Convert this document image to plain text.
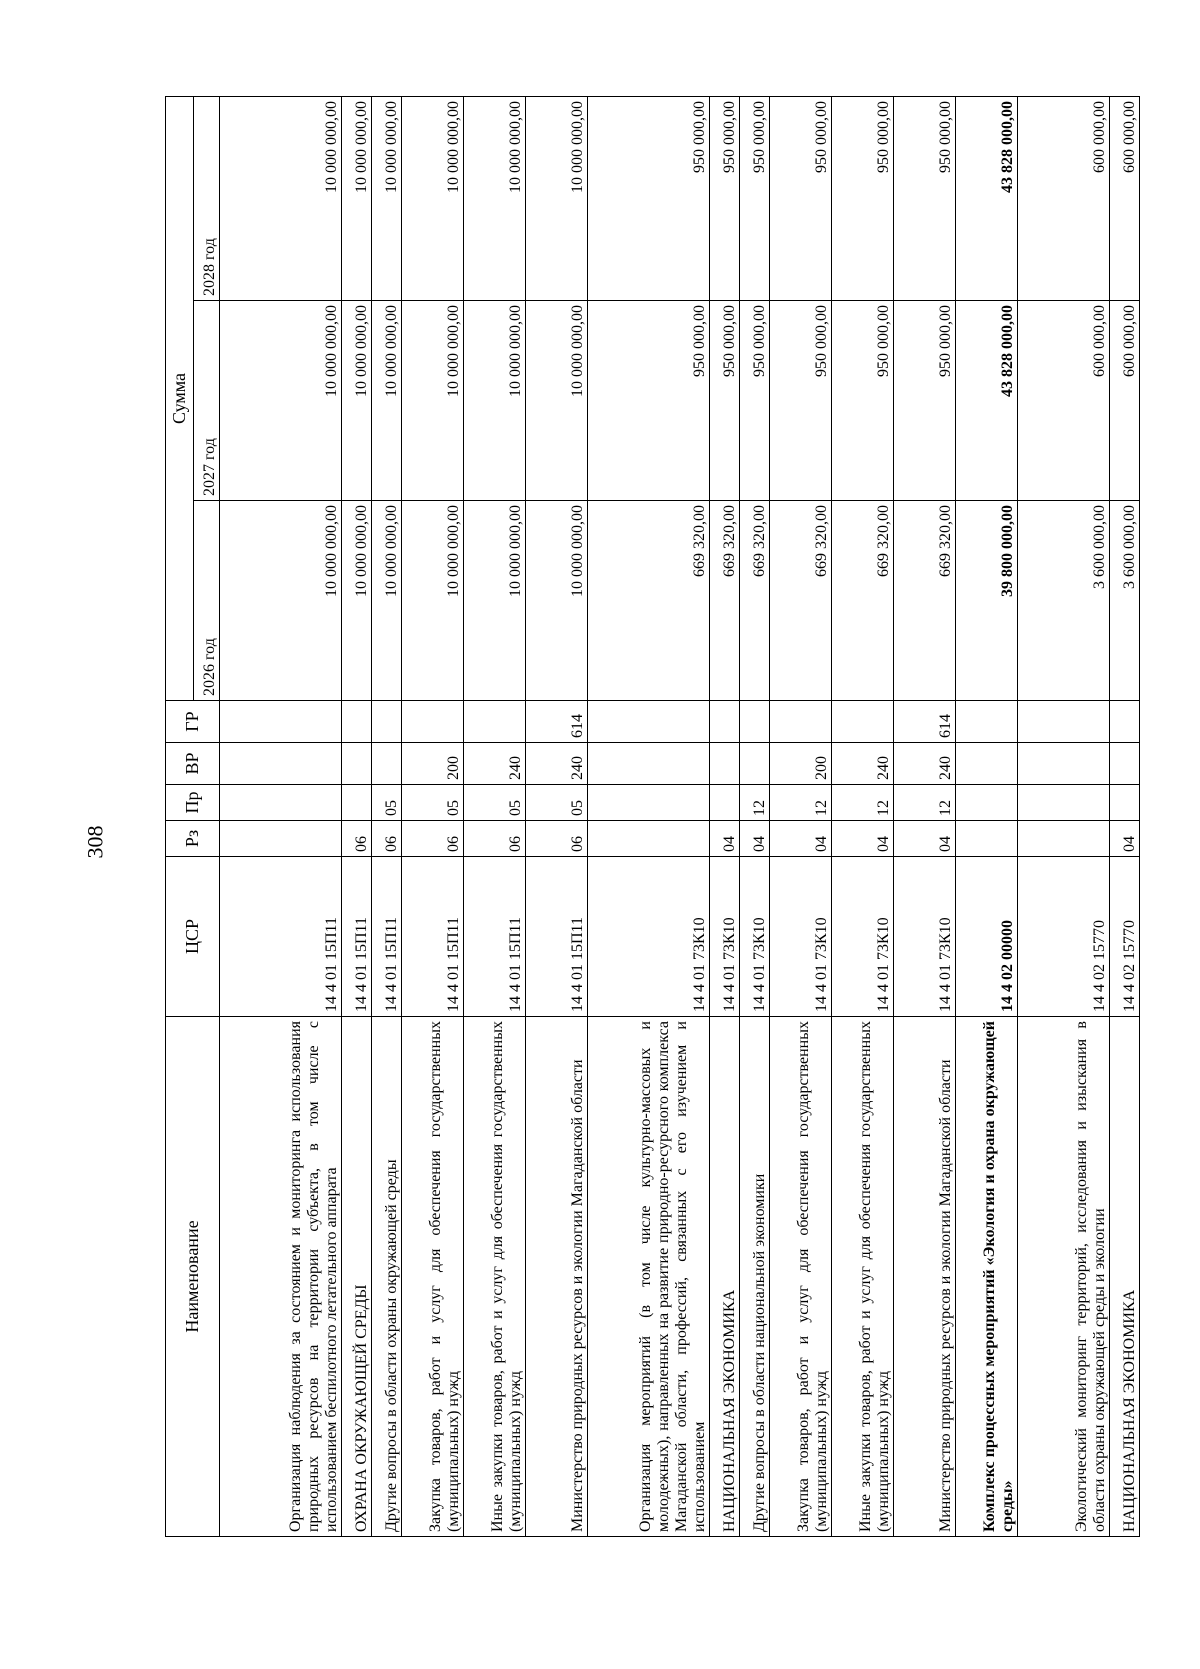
308
Наименование	ЦСР	Рз	Пр	ВР	ГР	Сумма		
						2026 год	2027 год	2028 год
Организация наблюдения за состоянием и мониторинга использования природных ресурсов на территории субъекта, в том числе с использованием беспилотного летательного аппарата	14 4 01 15П11					10 000 000,00	10 000 000,00	10 000 000,00
ОХРАНА ОКРУЖАЮЩЕЙ СРЕДЫ	14 4 01 15П11	06				10 000 000,00	10 000 000,00	10 000 000,00
Другие вопросы в области охраны окружающей среды	14 4 01 15П11	06	05			10 000 000,00	10 000 000,00	10 000 000,00
Закупка товаров, работ и услуг для обеспечения государственных (муниципальных) нужд	14 4 01 15П11	06	05	200		10 000 000,00	10 000 000,00	10 000 000,00
Иные закупки товаров, работ и услуг для обеспечения государственных (муниципальных) нужд	14 4 01 15П11	06	05	240		10 000 000,00	10 000 000,00	10 000 000,00
Министерство природных ресурсов и экологии Магаданской области	14 4 01 15П11	06	05	240	614	10 000 000,00	10 000 000,00	10 000 000,00
Организация мероприятий (в том числе культурно-массовых и молодежных), направленных на развитие природно-ресурсного комплекса Магаданской области, профессий, связанных с его изучением и использованием	14 4 01 73К10					669 320,00	950 000,00	950 000,00
НАЦИОНАЛЬНАЯ ЭКОНОМИКА	14 4 01 73К10	04				669 320,00	950 000,00	950 000,00
Другие вопросы в области национальной экономики	14 4 01 73К10	04	12			669 320,00	950 000,00	950 000,00
Закупка товаров, работ и услуг для обеспечения государственных (муниципальных) нужд	14 4 01 73К10	04	12	200		669 320,00	950 000,00	950 000,00
Иные закупки товаров, работ и услуг для обеспечения государственных (муниципальных) нужд	14 4 01 73К10	04	12	240		669 320,00	950 000,00	950 000,00
Министерство природных ресурсов и экологии Магаданской области	14 4 01 73К10	04	12	240	614	669 320,00	950 000,00	950 000,00
Комплекс процессных мероприятий «Экология и охрана окружающей среды»	14 4 02 00000					39 800 000,00	43 828 000,00	43 828 000,00
Экологический мониторинг территорий, исследования и изыскания в области охраны окружающей среды и экологии	14 4 02 15770					3 600 000,00	600 000,00	600 000,00
НАЦИОНАЛЬНАЯ ЭКОНОМИКА	14 4 02 15770	04				3 600 000,00	600 000,00	600 000,00
